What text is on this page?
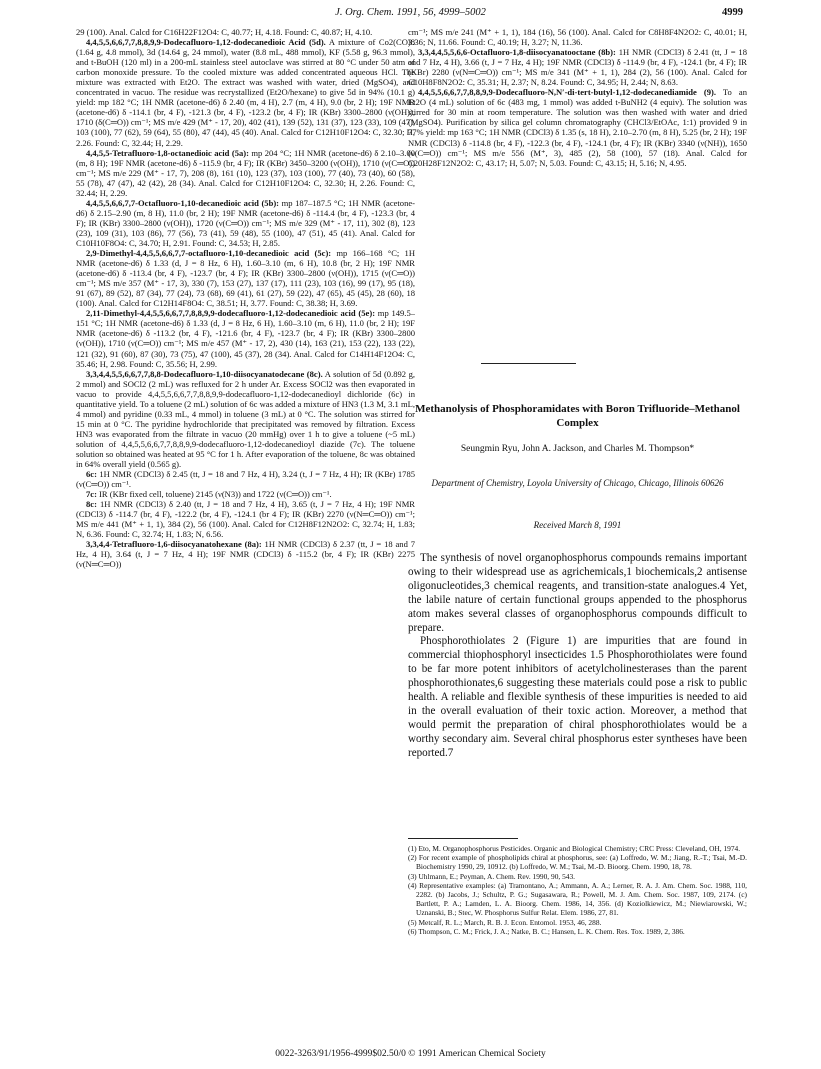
J. Org. Chem. 1991, 56, 4999–5002	4999

29 (100). Anal. Calcd for C16H22F12O4: C, 40.77; H, 4.18. Found: C, 40.87; H, 4.10.

4,4,5,5,6,6,7,7,8,8,9,9-Dodecafluoro-1,12-dodecanedioic Acid (5d). A mixture of Co2(CO)8 (1.64 g, 4.8 mmol), 3d (14.64 g, 24 mmol), water (8.8 mL, 488 mmol), KF (5.58 g, 96.3 mmol), and t-BuOH (120 ml) in a 200-mL stainless steel autoclave was stirred at 80 °C under 50 atm of carbon monoxide pressure. To the cooled mixture was added concentrated aqueous HCl. The mixture was extracted with Et2O. The extract was washed with water, dried (MgSO4), and concentrated in vacuo. The residue was recrystallized (Et2O/hexane) to give 5d in 94% (10.1 g) yield: mp 182 °C; 1H NMR (acetone-d6) δ 2.40 (m, 4 H), 2.7 (m, 4 H), 9.0 (br, 2 H); 19F NMR (acetone-d6) δ -114.1 (br, 4 F), -121.3 (br, 4 F), -123.2 (br, 4 F); IR (KBr) 3300–2800 (ν(OH)), 1710 (δ(C═O)) cm⁻¹; MS m/e 429 (M⁺ - 17, 20), 402 (41), 139 (52), 131 (37), 123 (33), 109 (47), 103 (100), 77 (62), 59 (64), 55 (80), 47 (44), 45 (40). Anal. Calcd for C12H10F12O4: C, 32.30; H, 2.26. Found: C, 32.44; H, 2.29.

4,4,5,5-Tetrafluoro-1,8-octanedioic acid (5a): mp 204 °C; 1H NMR (acetone-d6) δ 2.10–3.00 (m, 8 H); 19F NMR (acetone-d6) δ -115.9 (br, 4 F); IR (KBr) 3450–3200 (ν(OH)), 1710 (ν(C═O)) cm⁻¹; MS m/e 229 (M⁺ - 17, 7), 208 (8), 161 (10), 123 (37), 103 (100), 77 (40), 73 (40), 60 (58), 55 (78), 47 (47), 42 (42), 28 (34). Anal. Calcd for C12H10F12O4: C, 32.30; H, 2.26. Found: C, 32.44; H, 2.29.

4,4,5,5,6,6,7,7-Octafluoro-1,10-decanedioic acid (5b): mp 187–187.5 °C; 1H NMR (acetone-d6) δ 2.15–2.90 (m, 8 H), 11.0 (br, 2 H); 19F NMR (acetone-d6) δ -114.4 (br, 4 F), -123.3 (br, 4 F); IR (KBr) 3300–2800 (ν(OH)), 1720 (ν(C═O)) cm⁻¹; MS m/e 329 (M⁺ - 17, 11), 302 (8), 123 (23), 109 (31), 103 (86), 77 (56), 73 (41), 59 (48), 55 (100), 47 (51), 45 (41). Anal. Calcd for C10H10F8O4: C, 34.70; H, 2.91. Found: C, 34.53; H, 2.85.

2,9-Dimethyl-4,4,5,5,6,6,7,7-octafluoro-1,10-decanedioic acid (5c): mp 166–168 °C; 1H NMR (acetone-d6) δ 1.33 (d, J = 8 Hz, 6 H), 1.60–3.10 (m, 6 H), 10.8 (br, 2 H); 19F NMR (acetone-d6) δ -113.4 (br, 4 F), -123.7 (br, 4 F); IR (KBr) 3300–2800 (ν(OH)), 1715 (ν(C═O)) cm⁻¹; MS m/e 357 (M⁺ - 17, 3), 330 (7), 153 (27), 137 (17), 111 (23), 103 (16), 99 (17), 95 (18), 91 (67), 89 (52), 87 (34), 77 (24), 73 (68), 69 (41), 61 (27), 59 (22), 47 (65), 45 (45), 28 (60), 18 (100). Anal. Calcd for C12H14F8O4: C, 38.51; H, 3.77. Found: C, 38.38; H, 3.69.

2,11-Dimethyl-4,4,5,5,6,6,7,7,8,8,9,9-dodecafluoro-1,12-dodecanedioic acid (5e): mp 149.5–151 °C; 1H NMR (acetone-d6) δ 1.33 (d, J = 8 Hz, 6 H), 1.60–3.10 (m, 6 H), 11.0 (br, 2 H); 19F NMR (acetone-d6) δ -113.2 (br, 4 F), -121.6 (br, 4 F), -123.7 (br, 4 F); IR (KBr) 3300–2800 (ν(OH)), 1710 (ν(C═O)) cm⁻¹; MS m/e 457 (M⁺ - 17, 2), 430 (14), 163 (21), 153 (22), 133 (22), 121 (32), 91 (60), 87 (30), 73 (75), 47 (100), 45 (37), 28 (34). Anal. Calcd for C14H14F12O4: C, 35.46; H, 2.98. Found: C, 35.56; H, 2.99.

3,3,4,4,5,5,6,6,7,7,8,8-Dodecafluoro-1,10-diisocyanatodecane (8c). A solution of 5d (0.892 g, 2 mmol) and SOCl2 (2 mL) was refluxed for 2 h under Ar. Excess SOCl2 was then evaporated in vacuo to provide 4,4,5,5,6,6,7,7,8,8,9,9-dodecafluoro-1,12-dodecanedioyl dichloride (6c) in quantitative yield. To a toluene (2 mL) solution of 6c was added a mixture of HN3 (1.3 M, 3.1 mL, 4 mmol) and pyridine (0.33 mL, 4 mmol) in toluene (3 mL) at 0 °C. The solution was stirred for 15 min at 0 °C. The pyridine hydrochloride that precipitated was removed by filtration. Excess HN3 was evaporated from the filtrate in vacuo (20 mmHg) over 1 h to give a toluene (~5 mL) solution of 4,4,5,5,6,6,7,7,8,8,9,9-dodecafluoro-1,12-dodecanedioyl diazide (7c). The toluene solution so obtained was heated at 95 °C for 1 h. After evaporation of the toluene, 8c was obtained in 64% overall yield (0.565 g).

6c: 1H NMR (CDCl3) δ 2.45 (tt, J = 18 and 7 Hz, 4 H), 3.24 (t, J = 7 Hz, 4 H); IR (KBr) 1785 (ν(C═O)) cm⁻¹.

7c: IR (KBr fixed cell, toluene) 2145 (ν(N3)) and 1722 (ν(C═O)) cm⁻¹.

8c: 1H NMR (CDCl3) δ 2.40 (tt, J = 18 and 7 Hz, 4 H), 3.65 (t, J = 7 Hz, 4 H); 19F NMR (CDCl3) δ -114.7 (br, 4 F), -122.2 (br, 4 F), -124.1 (br 4 F); IR (KBr) 2270 (ν(N═C═O)) cm⁻¹; MS m/e 441 (M⁺ + 1, 1), 384 (2), 56 (100). Anal. Calcd for C12H8F12N2O2: C, 32.74; H, 1.83; N, 6.36. Found: C, 32.74; H, 1.83; N, 6.56.

3,3,4,4-Tetrafluoro-1,6-diisocyanatohexane (8a): 1H NMR (CDCl3) δ 2.37 (tt, J = 18 and 7 Hz, 4 H), 3.64 (t, J = 7 Hz, 4 H); 19F NMR (CDCl3) δ -115.2 (br, 4 F); IR (KBr) 2275 (ν(N═C═O))

cm⁻¹; MS m/e 241 (M⁺ + 1, 1), 184 (16), 56 (100). Anal. Calcd for C8H8F4N2O2: C, 40.01; H, 3.36; N, 11.66. Found: C, 40.19; H, 3.27; N, 11.36.

3,3,4,4,5,5,6,6-Octafluoro-1,8-diisocyanatooctane (8b): 1H NMR (CDCl3) δ 2.41 (tt, J = 18 and 7 Hz, 4 H), 3.66 (t, J = 7 Hz, 4 H); 19F NMR (CDCl3) δ -114.9 (br, 4 F), -124.1 (br, 4 F); IR (KBr) 2280 (ν(N═C═O)) cm⁻¹; MS m/e 341 (M⁺ + 1, 1), 284 (2), 56 (100). Anal. Calcd for C10H8F8N2O2: C, 35.31; H, 2.37; N, 8.24. Found: C, 34.95; H, 2.44; N, 8.63.

4,4,5,5,6,6,7,7,8,8,9,9-Dodecafluoro-N,N′-di-tert-butyl-1,12-dodecanediamide (9). To an Et2O (4 mL) solution of 6c (483 mg, 1 mmol) was added t-BuNH2 (4 equiv). The solution was stirred for 30 min at room temperature. The solution was then washed with water and dried (MgSO4). Purification by silica gel column chromatography (CHCl3/EtOAc, 1:1) provided 9 in 77% yield: mp 163 °C; 1H NMR (CDCl3) δ 1.35 (s, 18 H), 2.10–2.70 (m, 8 H), 5.25 (br, 2 H); 19F NMR (CDCl3) δ -114.8 (br, 4 F), -122.3 (br, 4 F), -124.1 (br, 4 F); IR (KBr) 3340 (ν(NH)), 1650 (ν(C═O)) cm⁻¹; MS m/e 556 (M⁺, 3), 485 (2), 58 (100), 57 (18). Anal. Calcd for C20H28F12N2O2: C, 43.17; H, 5.07; N, 5.03. Found: C, 43.15; H, 5.16; N, 4.95.

Methanolysis of Phosphoramidates with Boron Trifluoride–Methanol Complex
Seungmin Ryu, John A. Jackson, and Charles M. Thompson*
Department of Chemistry, Loyola University of Chicago, Chicago, Illinois 60626
Received March 8, 1991

The synthesis of novel organophosphorus compounds remains important owing to their widespread use as agrichemicals,1 biochemicals,2 antisense oligonucleotides,3 chemical reagents, and transition-state analogues.4 Yet, the labile nature of certain functional groups appended to the phosphorus atom makes several classes of organophosphorus compounds difficult to prepare.

Phosphorothiolates 2 (Figure 1) are impurities that are found in commercial thiophosphoryl insecticides 1.5 Phosphorothiolates were found to be far more potent inhibitors of acetylcholinesterases than the parent phosphorothionates,6 suggesting these materials could pose a risk to public health. A reliable and flexible synthesis of these impurities is needed to aid in the overall evaluation of their toxic action. Moreover, a method that would permit the preparation of chiral phosphorothiolates would be a worthy secondary aim. Several chiral phosphorus ester syntheses have been reported.7

(1) Eto, M. Organophosphorus Pesticides. Organic and Biological Chemistry; CRC Press: Cleveland, OH, 1974.

(2) For recent example of phospholipids chiral at phosphorus, see: (a) Loffredo, W. M.; Jiang, R.-T.; Tsai, M.-D. Biochemistry 1990, 29, 10912. (b) Loffredo, W. M.; Tsai, M.-D. Bioorg. Chem. 1990, 18, 78.

(3) Uhlmann, E.; Peyman, A. Chem. Rev. 1990, 90, 543.

(4) Representative examples: (a) Tramontano, A.; Ammann, A. A.; Lerner, R. A. J. Am. Chem. Soc. 1988, 110, 2282. (b) Jacobs, J.; Schultz, P. G.; Sugasawara, R.; Powell, M. J. Am. Chem. Soc. 1987, 109, 2174. (c) Bartlett, P. A.; Lamden, L. A. Bioorg. Chem. 1986, 14, 356. (d) Koziolkiewicz, M.; Niewiarowski, W.; Uznanski, B.; Stec, W. Phosphorus Sulfur Relat. Elem. 1986, 27, 81.

(5) Metcalf, R. L.; March, R. B. J. Econ. Entomol. 1953, 46, 288.

(6) Thompson, C. M.; Frick, J. A.; Natke, B. C.; Hansen, L. K. Chem. Res. Tox. 1989, 2, 386.

0022-3263/91/1956-4999$02.50/0 © 1991 American Chemical Society
